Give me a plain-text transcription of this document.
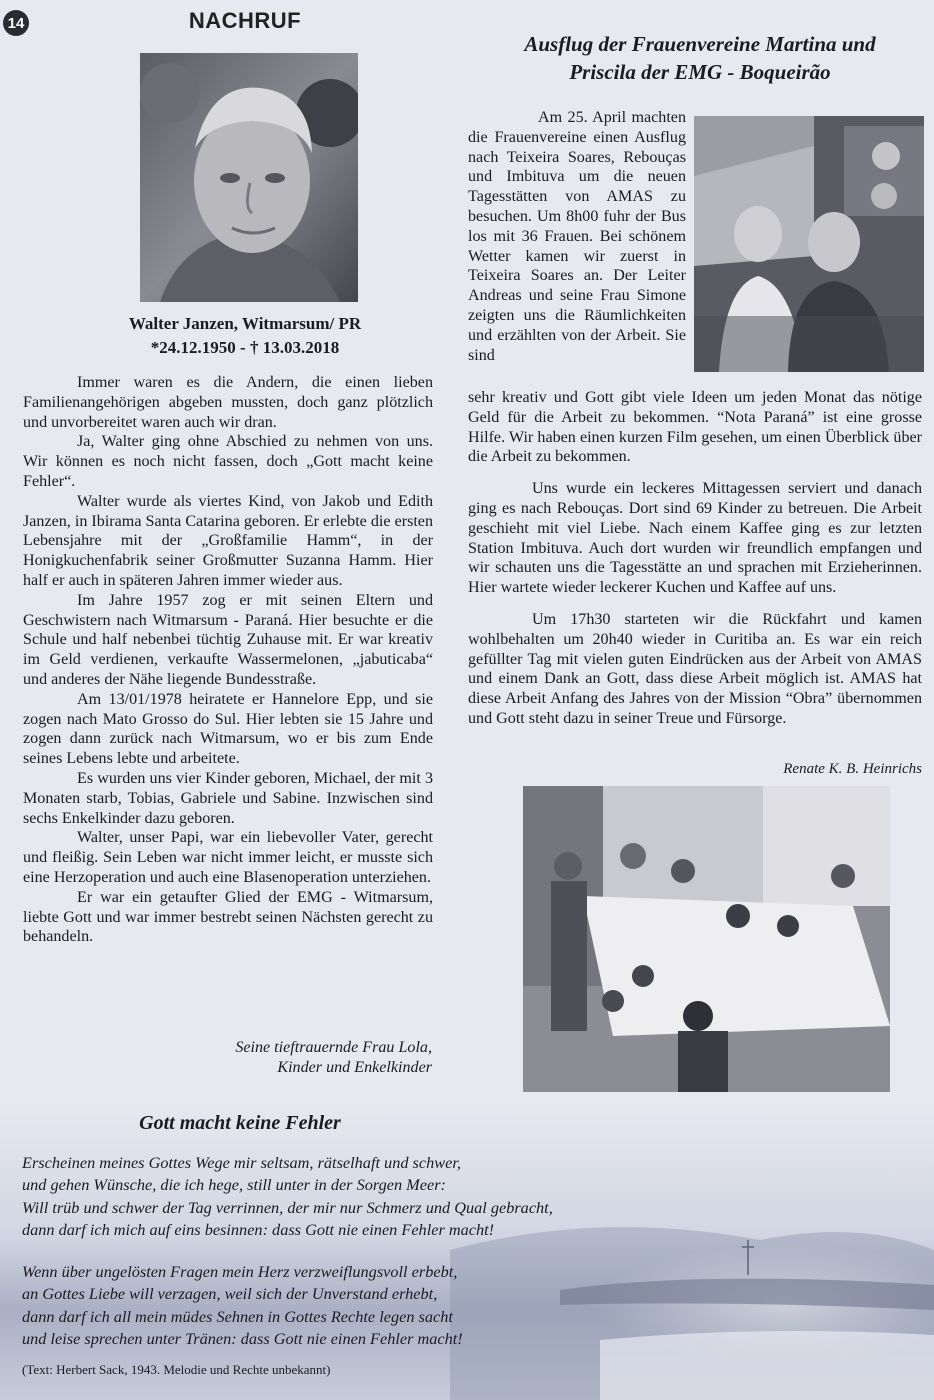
14	NACHRUF
Walter Janzen, Witmarsum/ PR
*24.12.1950 - † 13.03.2018

Immer waren es die Andern, die einen lieben Familienangehörigen abgeben mussten, doch ganz plötzlich und unvorbereitet waren auch wir dran.

Ja, Walter ging ohne Abschied zu nehmen von uns. Wir können es noch nicht fassen, doch „Gott macht keine Fehler“.

Walter wurde als viertes Kind, von Jakob und Edith Janzen, in Ibirama Santa Catarina geboren. Er erlebte die ersten Lebensjahre mit der „Großfamilie Hamm“, in der Honigkuchenfabrik seiner Großmutter Suzanna Hamm. Hier half er auch in späteren Jahren immer wieder aus.

Im Jahre 1957 zog er mit seinen Eltern und Geschwistern nach Witmarsum - Paraná. Hier besuchte er die Schule und half nebenbei tüchtig Zuhause mit. Er war kreativ im Geld verdienen, verkaufte Wassermelonen, „jabuticaba“ und anderes der Nähe liegende Bundesstraße.

Am 13/01/1978 heiratete er Hannelore Epp, und sie zogen nach Mato Grosso do Sul. Hier lebten sie 15 Jahre und zogen dann zurück nach Witmarsum, wo er bis zum Ende seines Lebens lebte und arbeitete.

Es wurden uns vier Kinder geboren, Michael, der mit 3 Monaten starb, Tobias, Gabriele und Sabine. Inzwischen sind sechs Enkelkinder dazu geboren.

Walter, unser Papi, war ein liebevoller Vater, gerecht und fleißig. Sein Leben war nicht immer leicht, er musste sich eine Herzoperation und auch eine Blasenoperation unterziehen.

Er war ein getaufter Glied der EMG - Witmarsum, liebte Gott und war immer bestrebt seinen Nächsten gerecht zu behandeln.

Seine tieftrauernde Frau Lola,
Kinder und Enkelkinder
Ausflug der Frauenvereine Martina und
Priscila der EMG - Boqueirão

Am 25. April machten die Frauenvereine einen Ausflug nach Teixeira Soares, Rebouças und Imbituva um die neuen Tagesstätten von AMAS zu besuchen. Um 8h00 fuhr der Bus los mit 36 Frauen. Bei schönem Wetter kamen wir zuerst in Teixeira Soares an. Der Leiter Andreas und seine Frau Simone zeigten uns die Räumlichkeiten und erzählten von der Arbeit. Sie sind

sehr kreativ und Gott gibt viele Ideen um jeden Monat das nötige Geld für die Arbeit zu bekommen. “Nota Paraná” ist eine grosse Hilfe. Wir haben einen kurzen Film gesehen, um einen Überblick über die Arbeit zu bekommen.

Uns wurde ein leckeres Mittagessen serviert und danach ging es nach Rebouças. Dort sind 69 Kinder zu betreuen. Die Arbeit geschieht mit viel Liebe. Nach einem Kaffee ging es zur letzten Station Imbituva. Auch dort wurden wir freundlich empfangen und wir schauten uns die Tagesstätte an und sprachen mit Erzieherinnen. Hier wartete wieder leckerer Kuchen und Kaffee auf uns.

Um 17h30 starteten wir die Rückfahrt und kamen wohlbehalten um 20h40 wieder in Curitiba an. Es war ein reich gefüllter Tag mit vielen guten Eindrücken aus der Arbeit von AMAS und einem Dank an Gott, dass diese Arbeit möglich ist. AMAS hat diese Arbeit Anfang des Jahres von der Mission “Obra” übernommen und Gott steht dazu in seiner Treue und Fürsorge.

Renate K. B. Heinrichs
Gott macht keine Fehler
Erscheinen meines Gottes Wege mir seltsam, rätselhaft und schwer,
und gehen Wünsche, die ich hege, still unter in der Sorgen Meer:
Will trüb und schwer der Tag verrinnen, der mir nur Schmerz und Qual gebracht,
dann darf ich mich auf eins besinnen: dass Gott nie einen Fehler macht!
Wenn über ungelösten Fragen mein Herz verzweiflungsvoll erbebt,
an Gottes Liebe will verzagen, weil sich der Unverstand erhebt,
dann darf ich all mein müdes Sehnen in Gottes Rechte legen sacht
und leise sprechen unter Tränen: dass Gott nie einen Fehler macht!
(Text: Herbert Sack, 1943. Melodie und Rechte unbekannt)
